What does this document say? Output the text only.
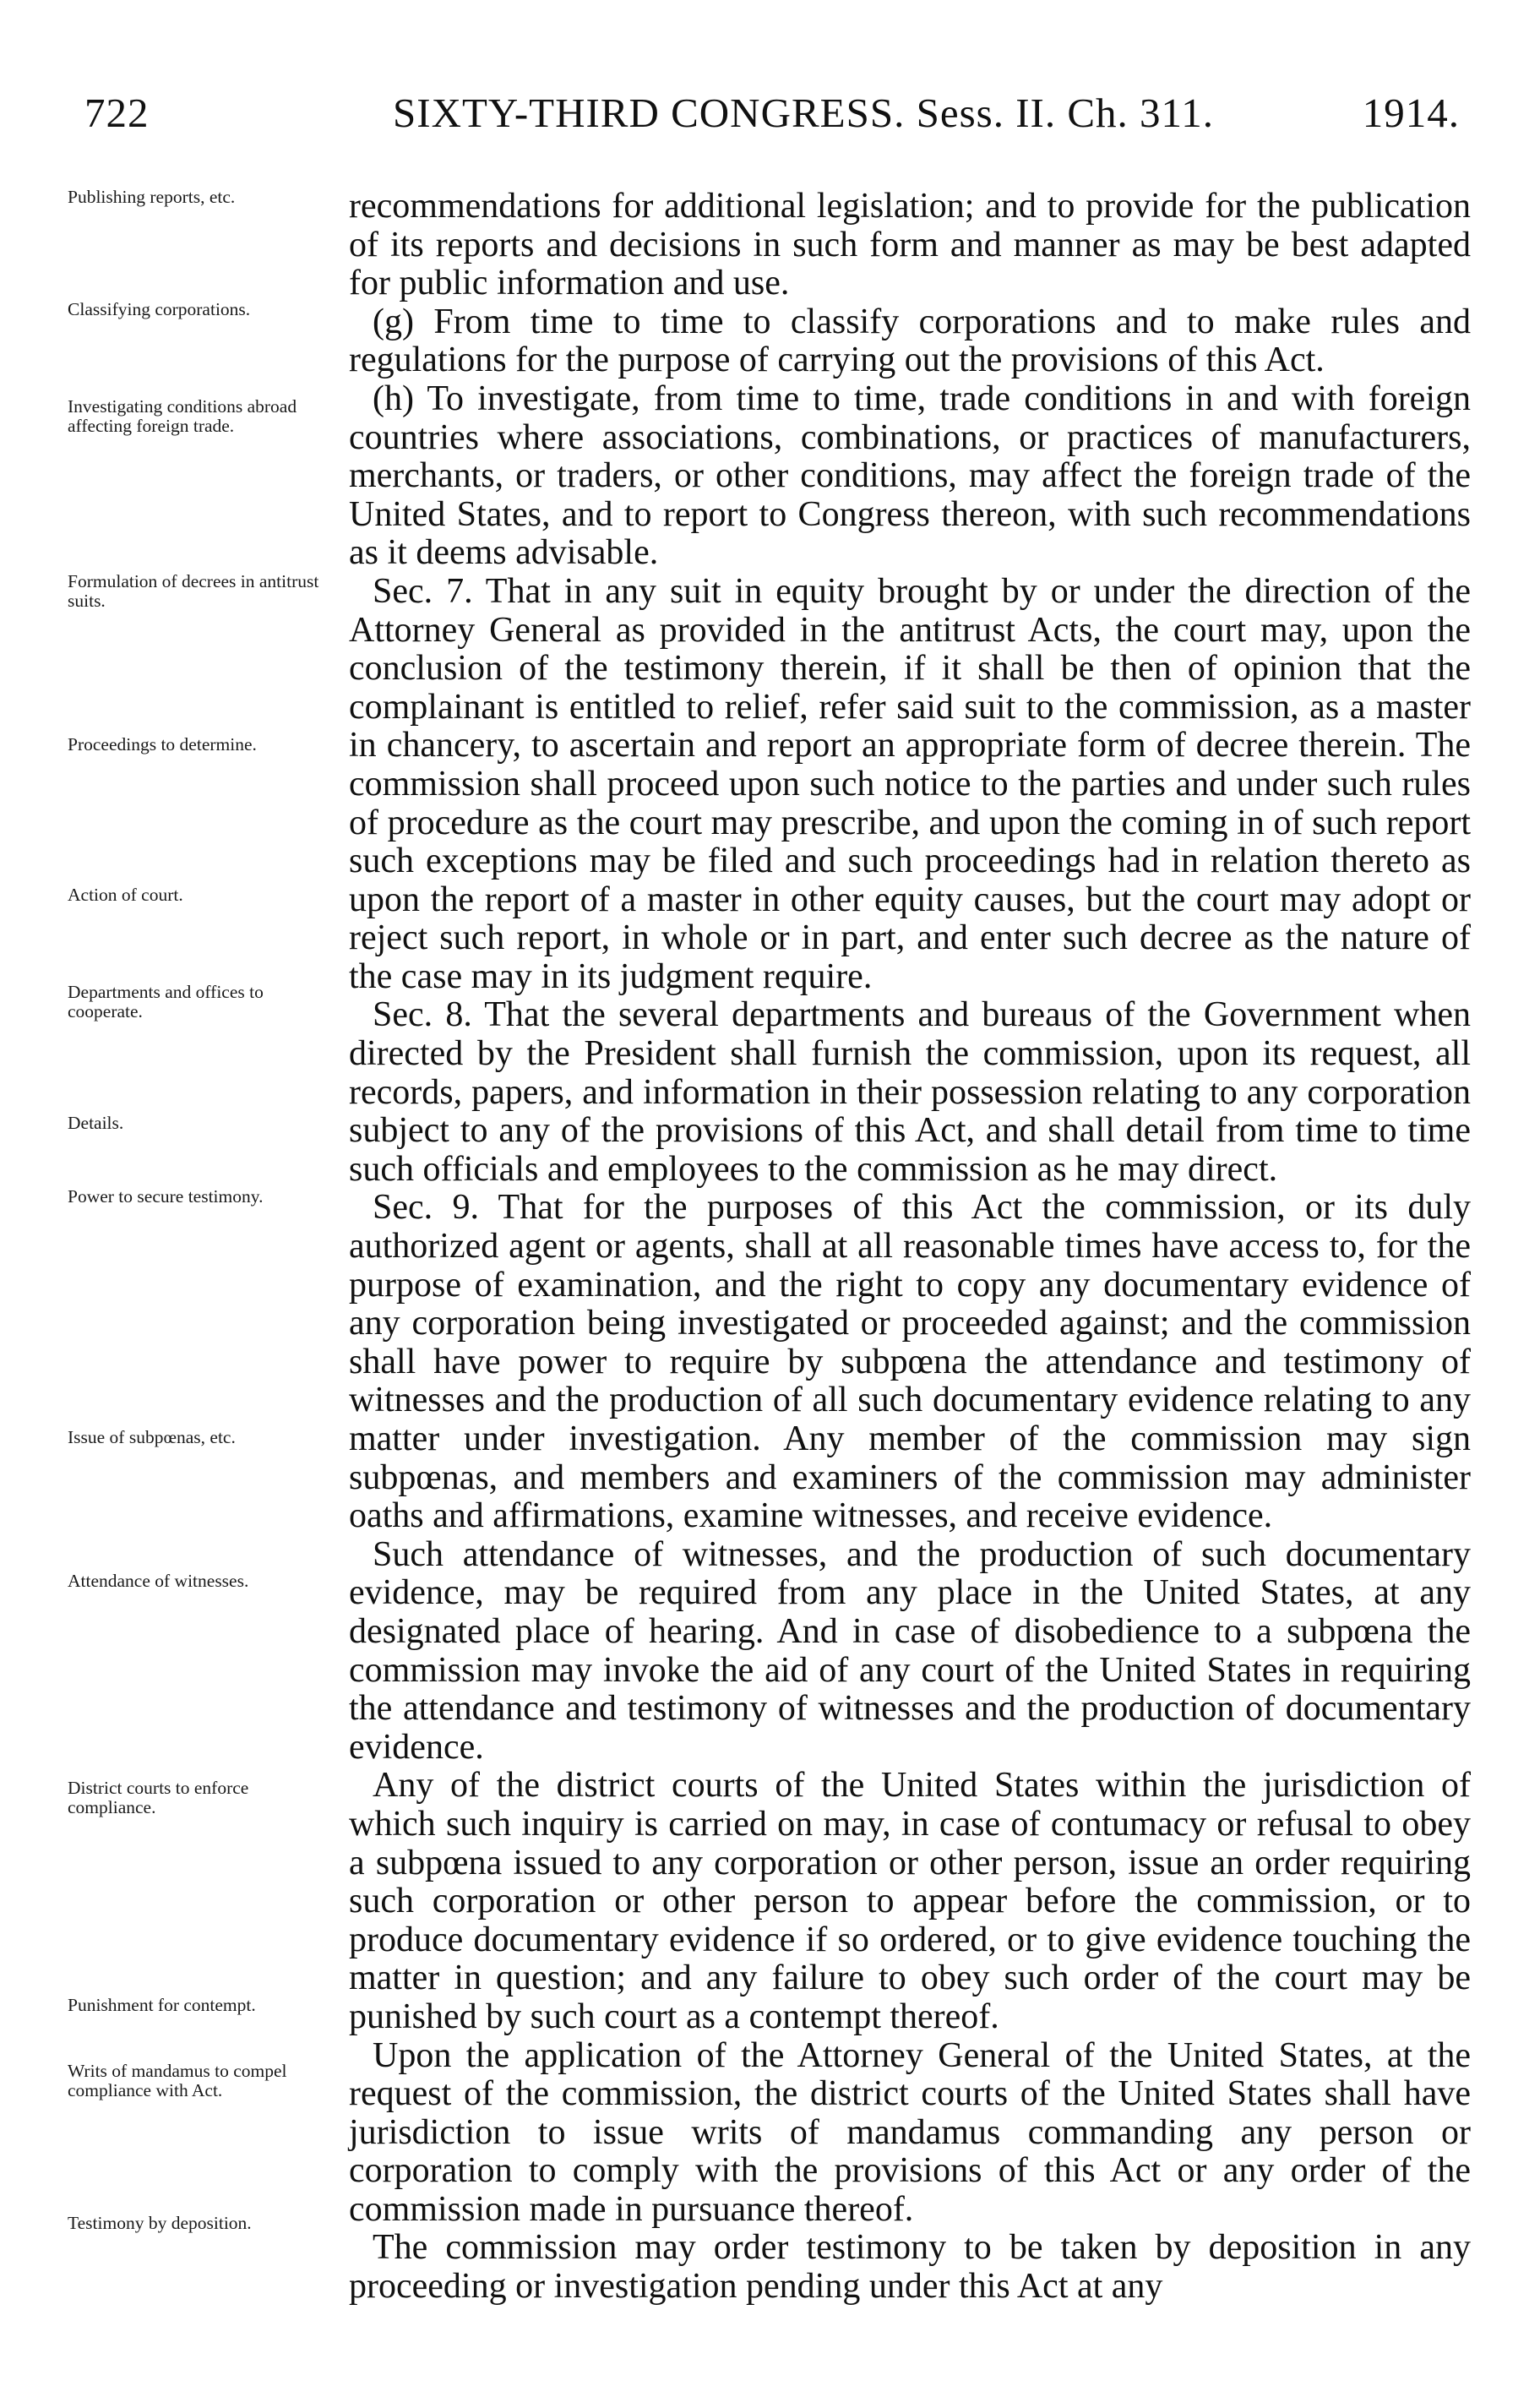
722	SIXTY-THIRD CONGRESS. Sess. II. Ch. 311.	1914.

Publishing reports, etc.

Classifying corporations.

Investigating conditions abroad affecting foreign trade.

Formulation of decrees in antitrust suits.

Proceedings to determine.

Action of court.

Departments and offices to cooperate.

Details.

Power to secure testimony.

Issue of subpœnas, etc.

Attendance of witnesses.

District courts to enforce compliance.

Punishment for contempt.

Writs of mandamus to compel compliance with Act.

Testimony by deposition.

recommendations for additional legislation; and to provide for the publication of its reports and decisions in such form and manner as may be best adapted for public information and use.

(g) From time to time to classify corporations and to make rules and regulations for the purpose of carrying out the provisions of this Act.

(h) To investigate, from time to time, trade conditions in and with foreign countries where associations, combinations, or practices of manufacturers, merchants, or traders, or other conditions, may affect the foreign trade of the United States, and to report to Congress thereon, with such recommendations as it deems advisable.

Sec. 7. That in any suit in equity brought by or under the direction of the Attorney General as provided in the antitrust Acts, the court may, upon the conclusion of the testimony therein, if it shall be then of opinion that the complainant is entitled to relief, refer said suit to the commission, as a master in chancery, to ascertain and report an appropriate form of decree therein. The commission shall proceed upon such notice to the parties and under such rules of procedure as the court may prescribe, and upon the coming in of such report such exceptions may be filed and such proceedings had in relation thereto as upon the report of a master in other equity causes, but the court may adopt or reject such report, in whole or in part, and enter such decree as the nature of the case may in its judgment require.

Sec. 8. That the several departments and bureaus of the Government when directed by the President shall furnish the commission, upon its request, all records, papers, and information in their possession relating to any corporation subject to any of the provisions of this Act, and shall detail from time to time such officials and employees to the commission as he may direct.

Sec. 9. That for the purposes of this Act the commission, or its duly authorized agent or agents, shall at all reasonable times have access to, for the purpose of examination, and the right to copy any documentary evidence of any corporation being investigated or proceeded against; and the commission shall have power to require by subpœna the attendance and testimony of witnesses and the production of all such documentary evidence relating to any matter under investigation. Any member of the commission may sign subpœnas, and members and examiners of the commission may administer oaths and affirmations, examine witnesses, and receive evidence.

Such attendance of witnesses, and the production of such documentary evidence, may be required from any place in the United States, at any designated place of hearing. And in case of disobedience to a subpœna the commission may invoke the aid of any court of the United States in requiring the attendance and testimony of witnesses and the production of documentary evidence.

Any of the district courts of the United States within the jurisdiction of which such inquiry is carried on may, in case of contumacy or refusal to obey a subpœna issued to any corporation or other person, issue an order requiring such corporation or other person to appear before the commission, or to produce documentary evidence if so ordered, or to give evidence touching the matter in question; and any failure to obey such order of the court may be punished by such court as a contempt thereof.

Upon the application of the Attorney General of the United States, at the request of the commission, the district courts of the United States shall have jurisdiction to issue writs of mandamus commanding any person or corporation to comply with the provisions of this Act or any order of the commission made in pursuance thereof.

The commission may order testimony to be taken by deposition in any proceeding or investigation pending under this Act at any
